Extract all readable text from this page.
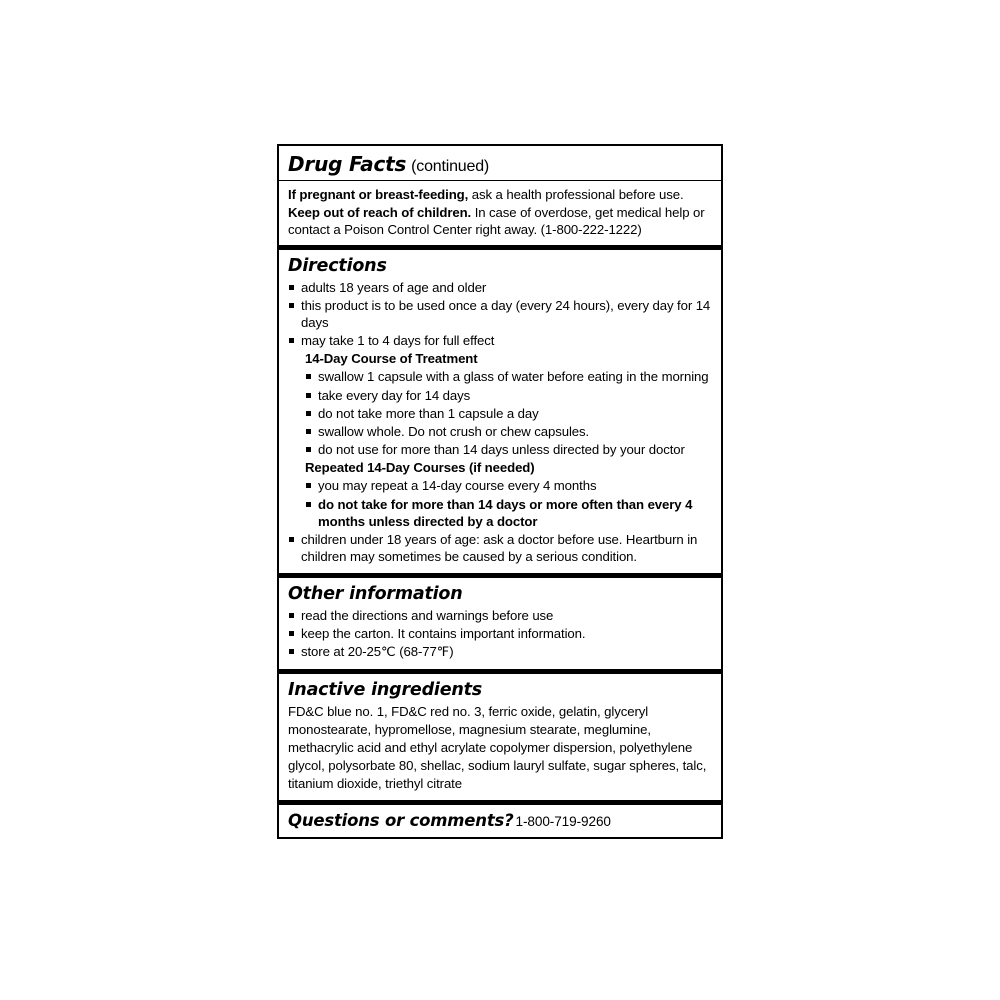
Drug Facts (continued)
If pregnant or breast-feeding, ask a health professional before use. Keep out of reach of children. In case of overdose, get medical help or contact a Poison Control Center right away. (1-800-222-1222)
Directions
adults 18 years of age and older
this product is to be used once a day (every 24 hours), every day for 14 days
may take 1 to 4 days for full effect
14-Day Course of Treatment
swallow 1 capsule with a glass of water before eating in the morning
take every day for 14 days
do not take more than 1 capsule a day
swallow whole. Do not crush or chew capsules.
do not use for more than 14 days unless directed by your doctor
Repeated 14-Day Courses (if needed)
you may repeat a 14-day course every 4 months
do not take for more than 14 days or more often than every 4 months unless directed by a doctor
children under 18 years of age: ask a doctor before use. Heartburn in children may sometimes be caused by a serious condition.
Other information
read the directions and warnings before use
keep the carton. It contains important information.
store at 20-25℃ (68-77℉)
Inactive ingredients
FD&C blue no. 1, FD&C red no. 3, ferric oxide, gelatin, glyceryl monostearate, hypromellose, magnesium stearate, meglumine, methacrylic acid and ethyl acrylate copolymer dispersion, polyethylene glycol, polysorbate 80, shellac, sodium lauryl sulfate, sugar spheres, talc, titanium dioxide, triethyl citrate
Questions or comments? 1-800-719-9260
